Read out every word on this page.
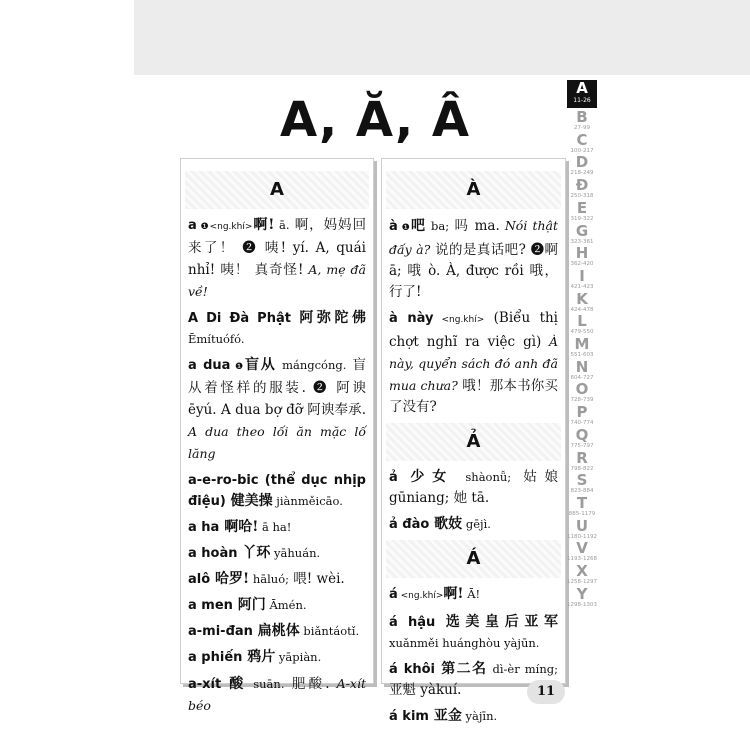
A, Ă, Â
A
a ❶<ng.khí>啊! ā. 啊，妈妈回来了！ ❷ 咦! yí. A, quái nhỉ! 咦！ 真奇怪! A, mẹ đã về!
A Di Đà Phật 阿弥陀佛 Ēmítuófó.
a dua ❶盲从 mángcóng. 盲从着怪样的服装. ❷ 阿谀 ēyú. A dua bợ đỡ 阿谀奉承. A dua theo lối ăn mặc lố lăng
a-e-ro-bic (thể dục nhịp điệu) 健美操 jiànměicāo.
a ha 啊哈! ā ha!
a hoàn 丫环 yāhuán.
alô 哈罗! hāluó; 喂! wèi.
a men 阿门 Āmén.
a-mi-đan 扁桃体 biǎntáotǐ.
a phiến 鸦片 yāpiàn.
a-xít 酸 suān. 肥酸. A-xít béo
À
à ❶吧 ba; 吗 ma. Nói thật đấy à? 说的是真话吧? ❷啊 ā; 哦 ò. À, được rồi 哦，行了!
à này <ng.khí> (Biểu thị chợt nghĩ ra việc gì) À này, quyển sách đó anh đã mua chưa? 哦！那本书你买了没有?
Ả
ả 少女 shàonǚ; 姑娘 gūniang; 她 tā.
ả đào 歌妓 gējì.
Á
á <ng.khí>啊! Ā!
á hậu 选美皇后亚军 xuǎnměi huánghòu yàjūn.
á khôi 第二名 dì-èr míng; 亚魁 yàkuí.
á kim 亚金 yàjīn.
A
11-26
B
27-99
C
100-217
D
218-249
Đ
250-318
E
319-322
G
323-361
H
362-420
I
421-423
K
424-478
L
479-550
M
551-603
N
604-727
O
728-739
P
740-774
Q
775-797
R
798-822
S
823-884
T
885-1179
U
1180-1192
V
1193-1268
X
1258-1297
Y
1298-1303
11
